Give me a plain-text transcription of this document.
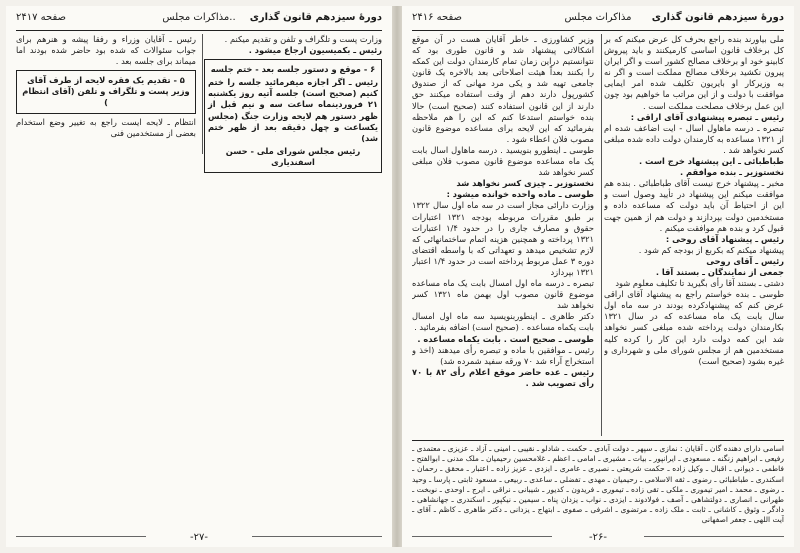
دورهٔ سیزدهم قانون گذاری
..مذاکرات مجلس
صفحه ۲۴۱۷

وزارت پست و تلگراف و تلفن و تقدیم میکنم .

رئیس ـ بکمیسیون ارجاع میشود .

۶ - موقع و دستور جلسه بعد - ختم جلسه

رئیس ـ اگر اجازه میفرمائید جلسه را ختم کنیم (صحیح است) جلسه آتیه روز یکشنبه ۲۱ فروردینماه ساعت سه و نیم قبل از ظهر دستور هم لایحه وزارت جنگ (مجلس یکساعت و چهل دقیقه بعد از ظهر ختم شد)

رئیس مجلس شورای ملی - حسن اسفندیاری

رئیس ـ آقایان وزراء و رفقا پیشه و هنرهم برای جواب سئوالات که شده بود حاضر شده بودند اما میماند برای جلسه بعد .

۵ - تقدیم یک فقره لایحه از طرف آقای وزیر پست و تلگراف و تلفن (آقای انتظام )

انتظام ـ لایحه ایست راجع به تغییر وضع استخدام بعضی از مستخدمین فنی

-۲۷-
دورهٔ سیزدهم قانون گذاری
مذاکرات مجلس
صفحه ۲۴۱۶

ملی بیاورند بنده راجع بحرف کل عرض میکنم که بر کل برخلاف قانون اساسی کارمیکنند و باید پیروش کابینو خود او برخلاف مصالح کشور است و اگر ایران پیرون نکشید برخلاف مصالح مملکت است و اگر نه به وزیرکار او بایریون تکلیف شده امر ایمایی موافقت با دولت و از این مراتب ما خواهیم بود چون این عمل برخلاف مصلحت مملکت است .

رئیس ـ تبصره پیشنهادی آقای اراقی :

تبصره ـ درسه ماهاول اسال - ایت اضاعف شده ام از ۱۳۲۱ مساعده به کارمندان دولت داده شده مبلغی کسر نخواهد شد .

طباطبائی ـ این پیشنهاد خرج است .

نخستوزیر ـ بنده موافقم .

مخبر ـ پیشنهاد خرج نیست آقای طباطبائی . بنده هم موافقت میکنم این پیشنهاد در تأیید وصول است و این از احتیاط آن باید دولت که مساعده داده و مستخدمین دولت بپردازند و دولت هم از همین جهت قبول کرد و بنده هم موافقت میکنم .

رئیس ـ پیشنهاد آقای روحی :

پیشنهاد میکنم که بکربع از بودجه کم شود .

رئیس ـ آقای روحی

جمعی از نمایندگان ـ بستند آقا .

دشتی ـ بستند آقا رأی بگیرید تا تکلیف معلوم شود

طوسی ـ بنده خواستم راجع به پیشنهاد آقای اراقی عرض کنم که پیشنهادکرده بودند در سه ماه اول سال بابت یک ماه مساعده که در سال ۱۳۲۱ بکارمندان دولت پرداخته شده مبلغی کسر نخواهد شد این کمه دولت دارد این کار را کرده کلیه مستخدمین هم از مجلس شورای ملی و شهرداری و غیره بشود (صحیح است)

وزیر کشاورزی ـ خاطر آقایان هست در آن موقع اشکالاتی پیشنهاد شد و قانون طوری بود که نتوانستیم دراین زمان تمام کارمندان دولت این کمکه را بکنند بعداً هیئت اصلاحاتی بعد بالاخره یک قانون جامعی تهیه شد و یکی مرد مهانی که از صندوق کشورپول دارند دهم از وقت استفاده میکنند حق دارند از این قانون استفاده کنند (صحیح است) حالا بنده خواستم استدعا کنم که این را هم ملاحظه بفرمائید که این لایحه برای مساعده موضوع قانون مصوب فلان اعطاء شود .

طوسی ـ اینطورو بنویسید . درسه ماهاول اسال بابت یک ماه مساعده موضوع قانون مصوب فلان مبلغی کسر نخواهد شد

نخستوزیر ـ چیزی کسر نخواهد شد

طوسی ـ ماده واحده خوانده میشود :

وزارت دارائی مجاز است در سه ماه اول سال ۱۳۲۲ بر طبق مقررات مربوطه بودجه ۱۳۲۱ اعتبارات حقوق و مصارف جاری را در حدود ۱/۴ اعتبارات ۱۳۲۱ پرداخته و همچنین هزینه اتمام ساختمانهائی که لازم تشخیص میدهد و تعهداتی که با واسطه اقتضای دوره ۳ عمل مربوط پرداخته است در حدود ۱/۴ اعتبار ۱۳۲۱ بپردازد

تبصره ـ درسه ماه اول امسال بابت یک ماه مساعده موضوع قانون مصوب اول بهمن ماه ۱۳۲۱ کسر نخواهد شد

دکتر طاهری ـ اینطوربنویسید سه ماه اول امسال بابت یکماه مساعده . (صحیح است) اضافه بفرمائید .

طوسی ـ صحیح است . بابت یکماه مساعده .

رئیس ـ موافقین با ماده و تبصره رأی میدهند (اخذ و استخراج آراء شد ۷۰ ورقه سفید شمرده شد)

رئیس ـ عده حاضر موقع اعلام رأی ۸۲ با ۷۰ رأی تصویب شد .

اسامی دارای دهنده گان ـ آقایان : نمازی ـ سپهر ـ دولت آبادی ـ حکمت ـ شادلو ـ نقیبی ـ امینی ـ آزاد ـ عزیزی ـ معتمدی ـ رفیعی ـ ابراهیم زنگنه ـ مسعودی ـ ایرانپور ـ بیات ـ مشیری ـ امامی ـ اعظم ـ غلامحسین رحیمیان ـ ملک مدنی ـ ابوالفتح ـ فاطمی ـ دیوانی ـ اقبال ـ وکیل زاده ـ حکمت شریعتی ـ نصیری ـ عامری ـ ایزدی ـ عزیز زاده ـ اعتبار ـ محقق ـ رحمان ـ اسکندری ـ طباطبائی ـ رضوی ـ ثقه الاسلامی ـ رحیمیان ـ مهدی ـ تفضلی ـ ساعدی ـ ربیعی ـ مسعود ثابتی ـ پارسا ـ وحید ـ رضوی ـ محمد ـ امیر تیموری ـ ملکی ـ تقی زاده ـ تیموری ـ فریدون ـ کدیور ـ شیبانی ـ نراقی ـ ایرج ـ اوحدی ـ نوبخت ـ طهرانی ـ انصاری ـ دولتشاهی ـ آصف ـ فولادوند ـ ایزدی ـ نواب ـ یزدان پناه ـ سیمین ـ نیکپور ـ اسکندری ـ جهانشاهی ـ دادگر ـ وثوق ـ کاشانی ـ ثابت ـ ملک زاده ـ مرتضوی ـ اشرفی ـ صفوی ـ ابتهاج ـ یزدانی ـ دکتر طاهری ـ کاظم ـ آقای ـ آیت اللهی ـ جعفر اصفهانی
-۲۶-
